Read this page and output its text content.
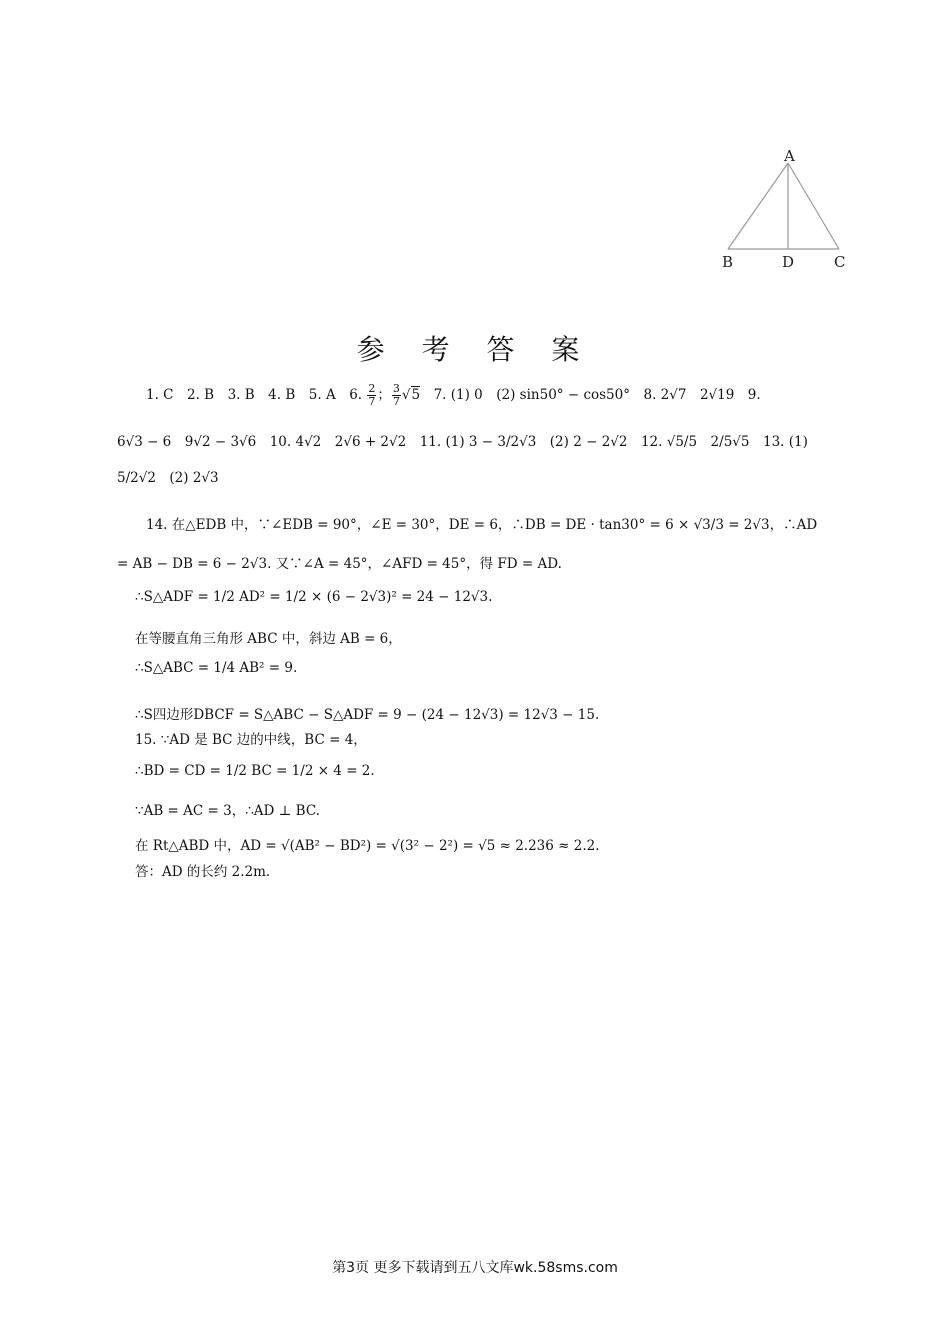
A
B	D	C
参 考 答 案
1. C　2. B　3. B　4. B　5. A　6. $\frac{2}{7}$ ； $\frac{3}{7} √5$　7. (1) 0　(2) sin50° − cos50°　8. 2√7　2√19　9.
6√3 − 6　9√2 − 3√6　10. 4√2　2√6 + 2√2　11. (1) 3 − 3/2√3　(2) 2 − 2√2　12. √5/5　2/5√5　13. (1)
5/2√2　(2) 2√3
14. 在△EDB 中，∵∠EDB = 90°，∠E = 30°，DE = 6，∴DB = DE · tan30° = 6 × √3/3 = 2√3，∴AD
= AB − DB = 6 − 2√3. 又∵∠A = 45°，∠AFD = 45°，得 FD = AD.
∴S△ADF = 1/2 AD² = 1/2 × (6 − 2√3)² = 24 − 12√3.
在等腰直角三角形 ABC 中，斜边 AB = 6，
∴S△ABC = 1/4 AB² = 9.
∴S四边形DBCF = S△ABC − S△ADF = 9 − (24 − 12√3) = 12√3 − 15.
15. ∵AD 是 BC 边的中线，BC = 4，
∴BD = CD = 1/2 BC = 1/2 × 4 = 2.
∵AB = AC = 3，∴AD ⊥ BC.
在 Rt△ABD 中，AD = √(AB² − BD²) = √(3² − 2²) = √5 ≈ 2.236 ≈ 2.2.
答：AD 的长约 2.2m.
第3页 更多下载请到五八文库wk.58sms.com
